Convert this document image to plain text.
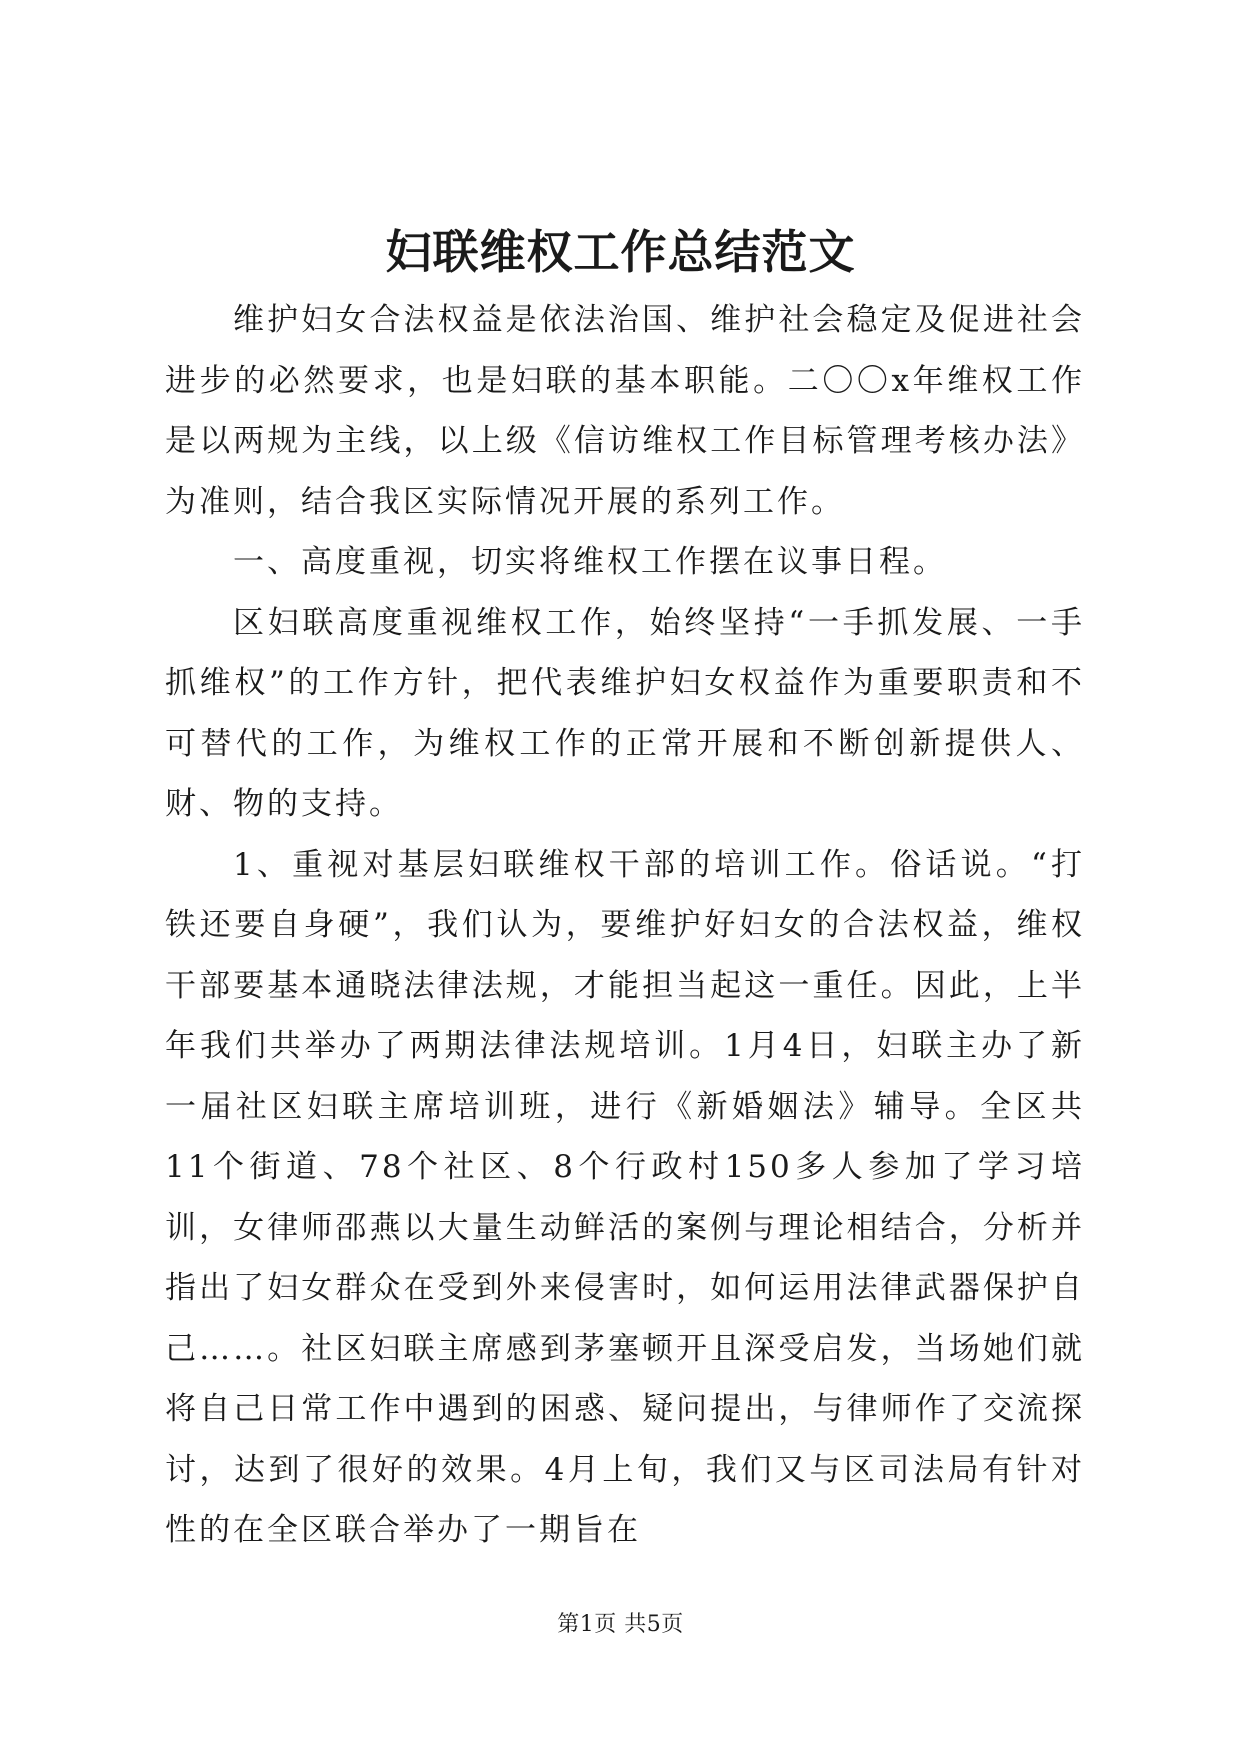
妇联维权工作总结范文

维护妇女合法权益是依法治国、维护社会稳定及促进社会进步的必然要求，也是妇联的基本职能。二〇〇x年维权工作是以两规为主线，以上级《信访维权工作目标管理考核办法》为准则，结合我区实际情况开展的系列工作。

一、高度重视，切实将维权工作摆在议事日程。

区妇联高度重视维权工作，始终坚持“一手抓发展、一手抓维权”的工作方针，把代表维护妇女权益作为重要职责和不可替代的工作，为维权工作的正常开展和不断创新提供人、财、物的支持。

1、重视对基层妇联维权干部的培训工作。俗话说。“打铁还要自身硬”，我们认为，要维护好妇女的合法权益，维权干部要基本通晓法律法规，才能担当起这一重任。因此，上半年我们共举办了两期法律法规培训。1月4日，妇联主办了新一届社区妇联主席培训班，进行《新婚姻法》辅导。全区共11个街道、78个社区、8个行政村150多人参加了学习培训，女律师邵燕以大量生动鲜活的案例与理论相结合，分析并指出了妇女群众在受到外来侵害时，如何运用法律武器保护自己……。社区妇联主席感到茅塞顿开且深受启发，当场她们就将自己日常工作中遇到的困惑、疑问提出，与律师作了交流探讨，达到了很好的效果。4月上旬，我们又与区司法局有针对性的在全区联合举办了一期旨在

第1页 共5页
